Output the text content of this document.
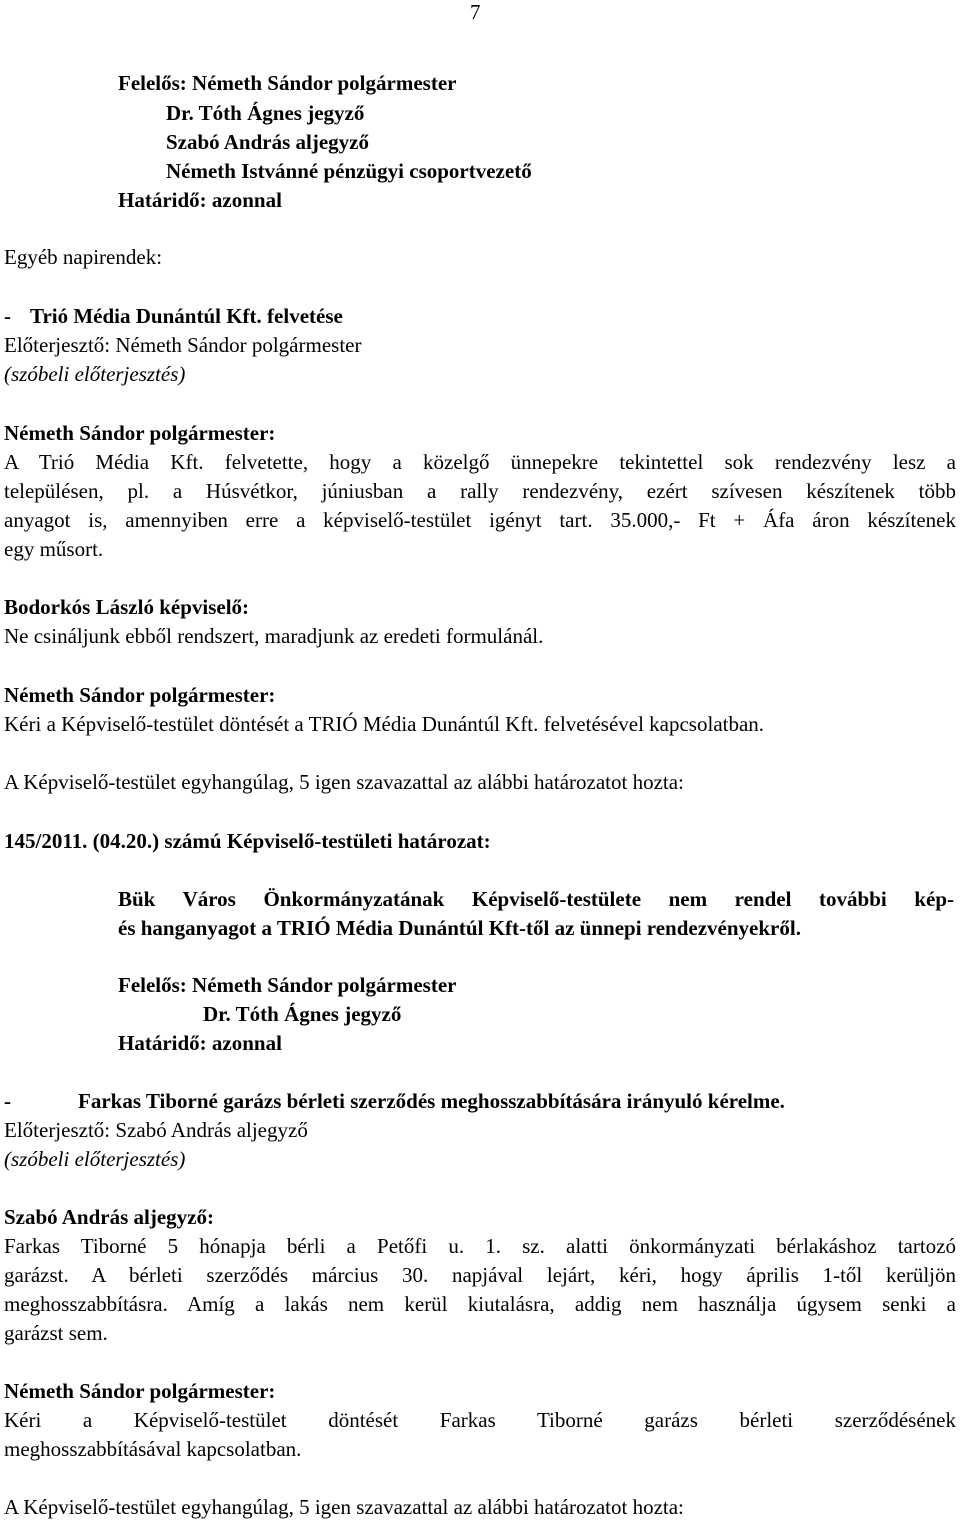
7
Felelős: Németh Sándor polgármester
Dr. Tóth Ágnes jegyző
Szabó András aljegyző
Németh Istvánné pénzügyi csoportvezető
Határidő: azonnal
Egyéb napirendek:
- Trió Média Dunántúl Kft. felvetése
Előterjesztő: Németh Sándor polgármester
(szóbeli előterjesztés)
Németh Sándor polgármester:
A Trió Média Kft. felvetette, hogy a közelgő ünnepekre tekintettel sok rendezvény lesz a
településen, pl. a Húsvétkor, júniusban a rally rendezvény, ezért szívesen készítenek több
anyagot is, amennyiben erre a képviselő-testület igényt tart. 35.000,- Ft + Áfa áron készítenek
egy műsort.
Bodorkós László képviselő:
Ne csináljunk ebből rendszert, maradjunk az eredeti formulánál.
Németh Sándor polgármester:
Kéri a Képviselő-testület döntését a TRIÓ Média Dunántúl Kft. felvetésével kapcsolatban.
A Képviselő-testület egyhangúlag, 5 igen szavazattal az alábbi határozatot hozta:
145/2011. (04.20.) számú Képviselő-testületi határozat:
Bük Város Önkormányzatának Képviselő-testülete nem rendel további kép-
és hanganyagot a TRIÓ Média Dunántúl Kft-től az ünnepi rendezvényekről.
Felelős: Németh Sándor polgármester
Dr. Tóth Ágnes jegyző
Határidő: azonnal
-	Farkas Tiborné garázs bérleti szerződés meghosszabbítására irányuló kérelme.
Előterjesztő: Szabó András aljegyző
(szóbeli előterjesztés)
Szabó András aljegyző:
Farkas Tiborné 5 hónapja bérli a Petőfi u. 1. sz. alatti önkormányzati bérlakáshoz tartozó
garázst. A bérleti szerződés március 30. napjával lejárt, kéri, hogy április 1-től kerüljön
meghosszabbításra. Amíg a lakás nem kerül kiutalásra, addig nem használja úgysem senki a
garázst sem.
Németh Sándor polgármester:
Kéri a Képviselő-testület döntését Farkas Tiborné garázs bérleti szerződésének
meghosszabbításával kapcsolatban.
A Képviselő-testület egyhangúlag, 5 igen szavazattal az alábbi határozatot hozta:
